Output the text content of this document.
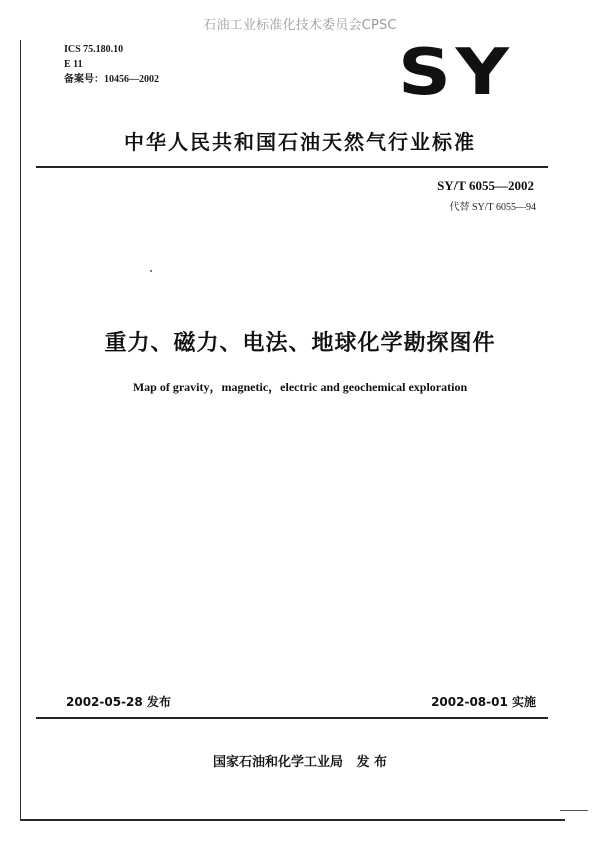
石油工业标准化技术委员会CPSC
ICS 75.180.10
E 11
备案号：10456—2002	SY
中华人民共和国石油天然气行业标准
SY/T 6055—2002
代替 SY/T 6055—94
重力、磁力、电法、地球化学勘探图件
Map of gravity，magnetic，electric and geochemical exploration
2002-05-28 发布	2002-08-01 实施
国家石油和化学工业局   发 布
